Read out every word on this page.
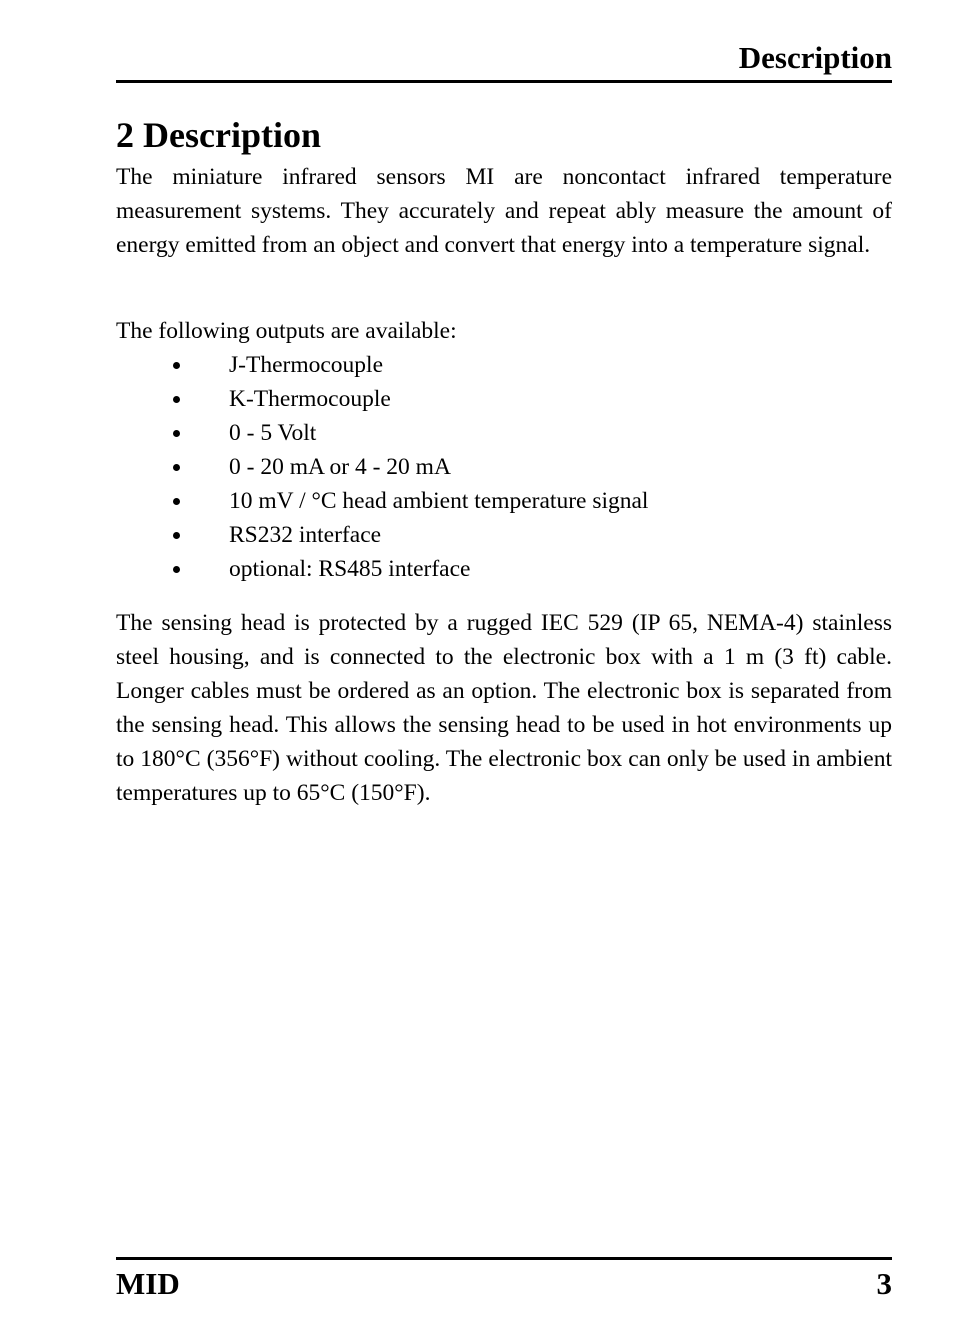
Description
2 Description

The miniature infrared sensors MI are noncontact infrared temperature measurement systems. They accurately and repeat ably measure the amount of energy emitted from an object and convert that energy into a temperature signal.

The following outputs are available:

J-Thermocouple
K-Thermocouple
0 - 5 Volt
0 - 20 mA or 4 - 20 mA
10 mV / °C head ambient temperature signal
RS232 interface
optional: RS485 interface

The sensing head is protected by a rugged IEC 529 (IP 65, NEMA-4) stainless steel housing, and is connected to the electronic box with a 1 m (3 ft) cable. Longer cables must be ordered as an option. The electronic box is separated from the sensing head. This allows the sensing head to be used in hot environments up to 180°C (356°F) without cooling. The electronic box can only be used in ambient temperatures up to 65°C (150°F).

MID	3
